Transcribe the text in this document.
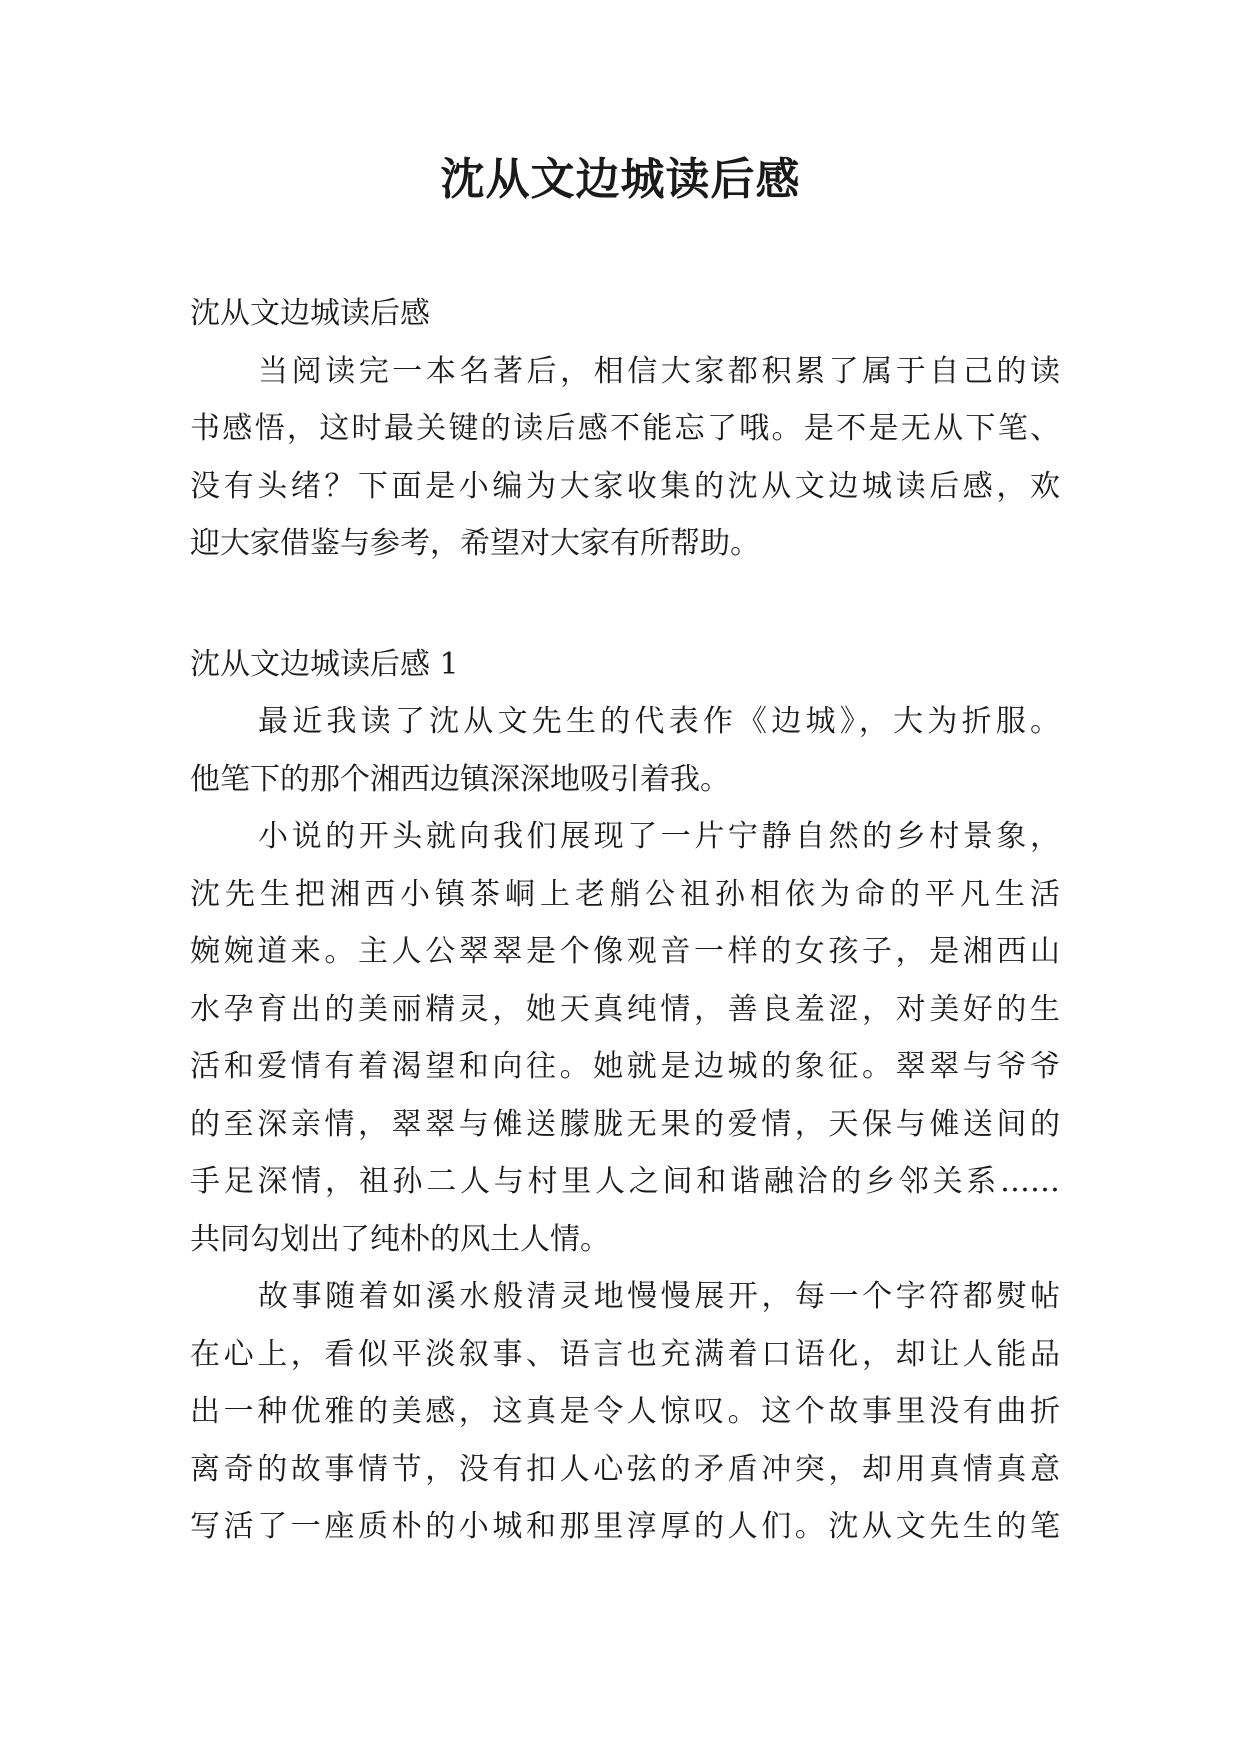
沈从文边城读后感
沈从文边城读后感
当阅读完一本名著后，相信大家都积累了属于自己的读
书感悟，这时最关键的读后感不能忘了哦。是不是无从下笔、
没有头绪？下面是小编为大家收集的沈从文边城读后感，欢
迎大家借鉴与参考，希望对大家有所帮助。
沈从文边城读后感 1
最近我读了沈从文先生的代表作《边城》，大为折服。
他笔下的那个湘西边镇深深地吸引着我。
小说的开头就向我们展现了一片宁静自然的乡村景象，
沈先生把湘西小镇茶峒上老艄公祖孙相依为命的平凡生活
婉婉道来。主人公翠翠是个像观音一样的女孩子，是湘西山
水孕育出的美丽精灵，她天真纯情，善良羞涩，对美好的生
活和爱情有着渴望和向往。她就是边城的象征。翠翠与爷爷
的至深亲情，翠翠与傩送朦胧无果的爱情，天保与傩送间的
手足深情，祖孙二人与村里人之间和谐融洽的乡邻关系……
共同勾划出了纯朴的风土人情。
故事随着如溪水般清灵地慢慢展开，每一个字符都熨帖
在心上，看似平淡叙事、语言也充满着口语化，却让人能品
出一种优雅的美感，这真是令人惊叹。这个故事里没有曲折
离奇的故事情节，没有扣人心弦的矛盾冲突，却用真情真意
写活了一座质朴的小城和那里淳厚的人们。沈从文先生的笔
